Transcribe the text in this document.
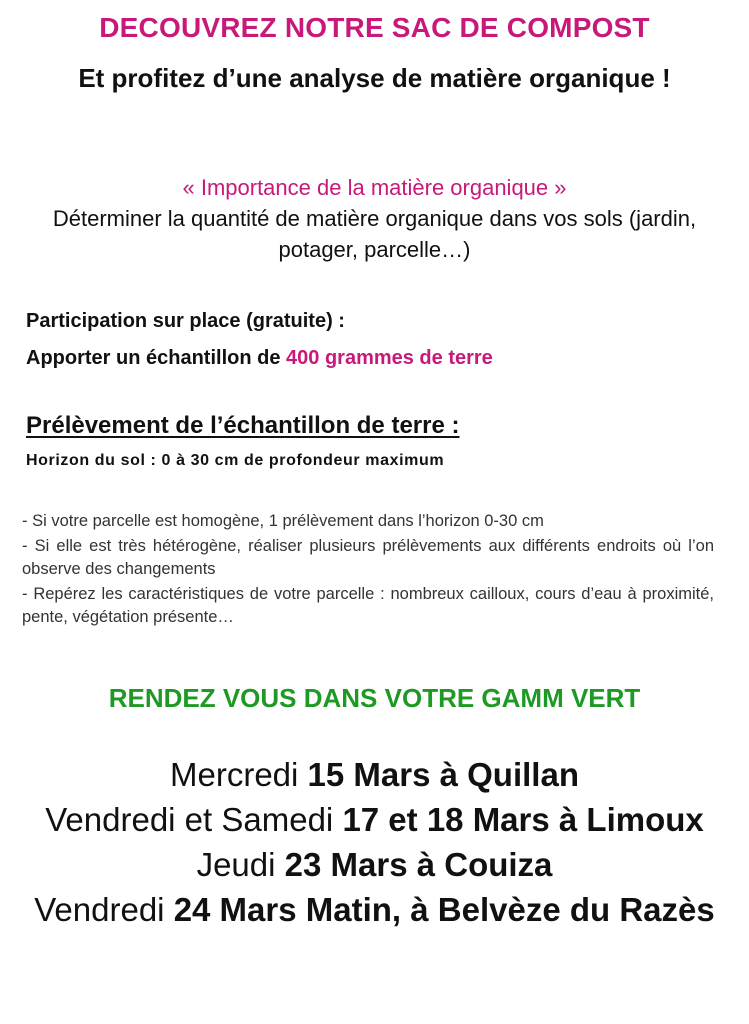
DECOUVREZ NOTRE SAC DE COMPOST
Et profitez d’une analyse de matière organique !
« Importance de la matière organique »
Déterminer la quantité de matière organique dans vos sols (jardin, potager, parcelle…)
Participation sur place (gratuite) :
Apporter un échantillon de 400 grammes de terre
Prélèvement de l’échantillon de terre :
Horizon du sol : 0 à 30 cm de profondeur maximum

- Si votre parcelle est homogène, 1 prélèvement dans l’horizon 0-30 cm

- Si elle est très hétérogène, réaliser plusieurs prélèvements aux différents endroits où l’on observe des changements

- Repérez les caractéristiques de votre parcelle : nombreux cailloux, cours d’eau à proximité, pente, végétation présente…

RENDEZ VOUS DANS VOTRE GAMM VERT
Mercredi 15 Mars à Quillan
Vendredi et Samedi 17 et 18 Mars à Limoux
Jeudi 23 Mars à Couiza
Vendredi 24 Mars Matin, à Belvèze du Razès
